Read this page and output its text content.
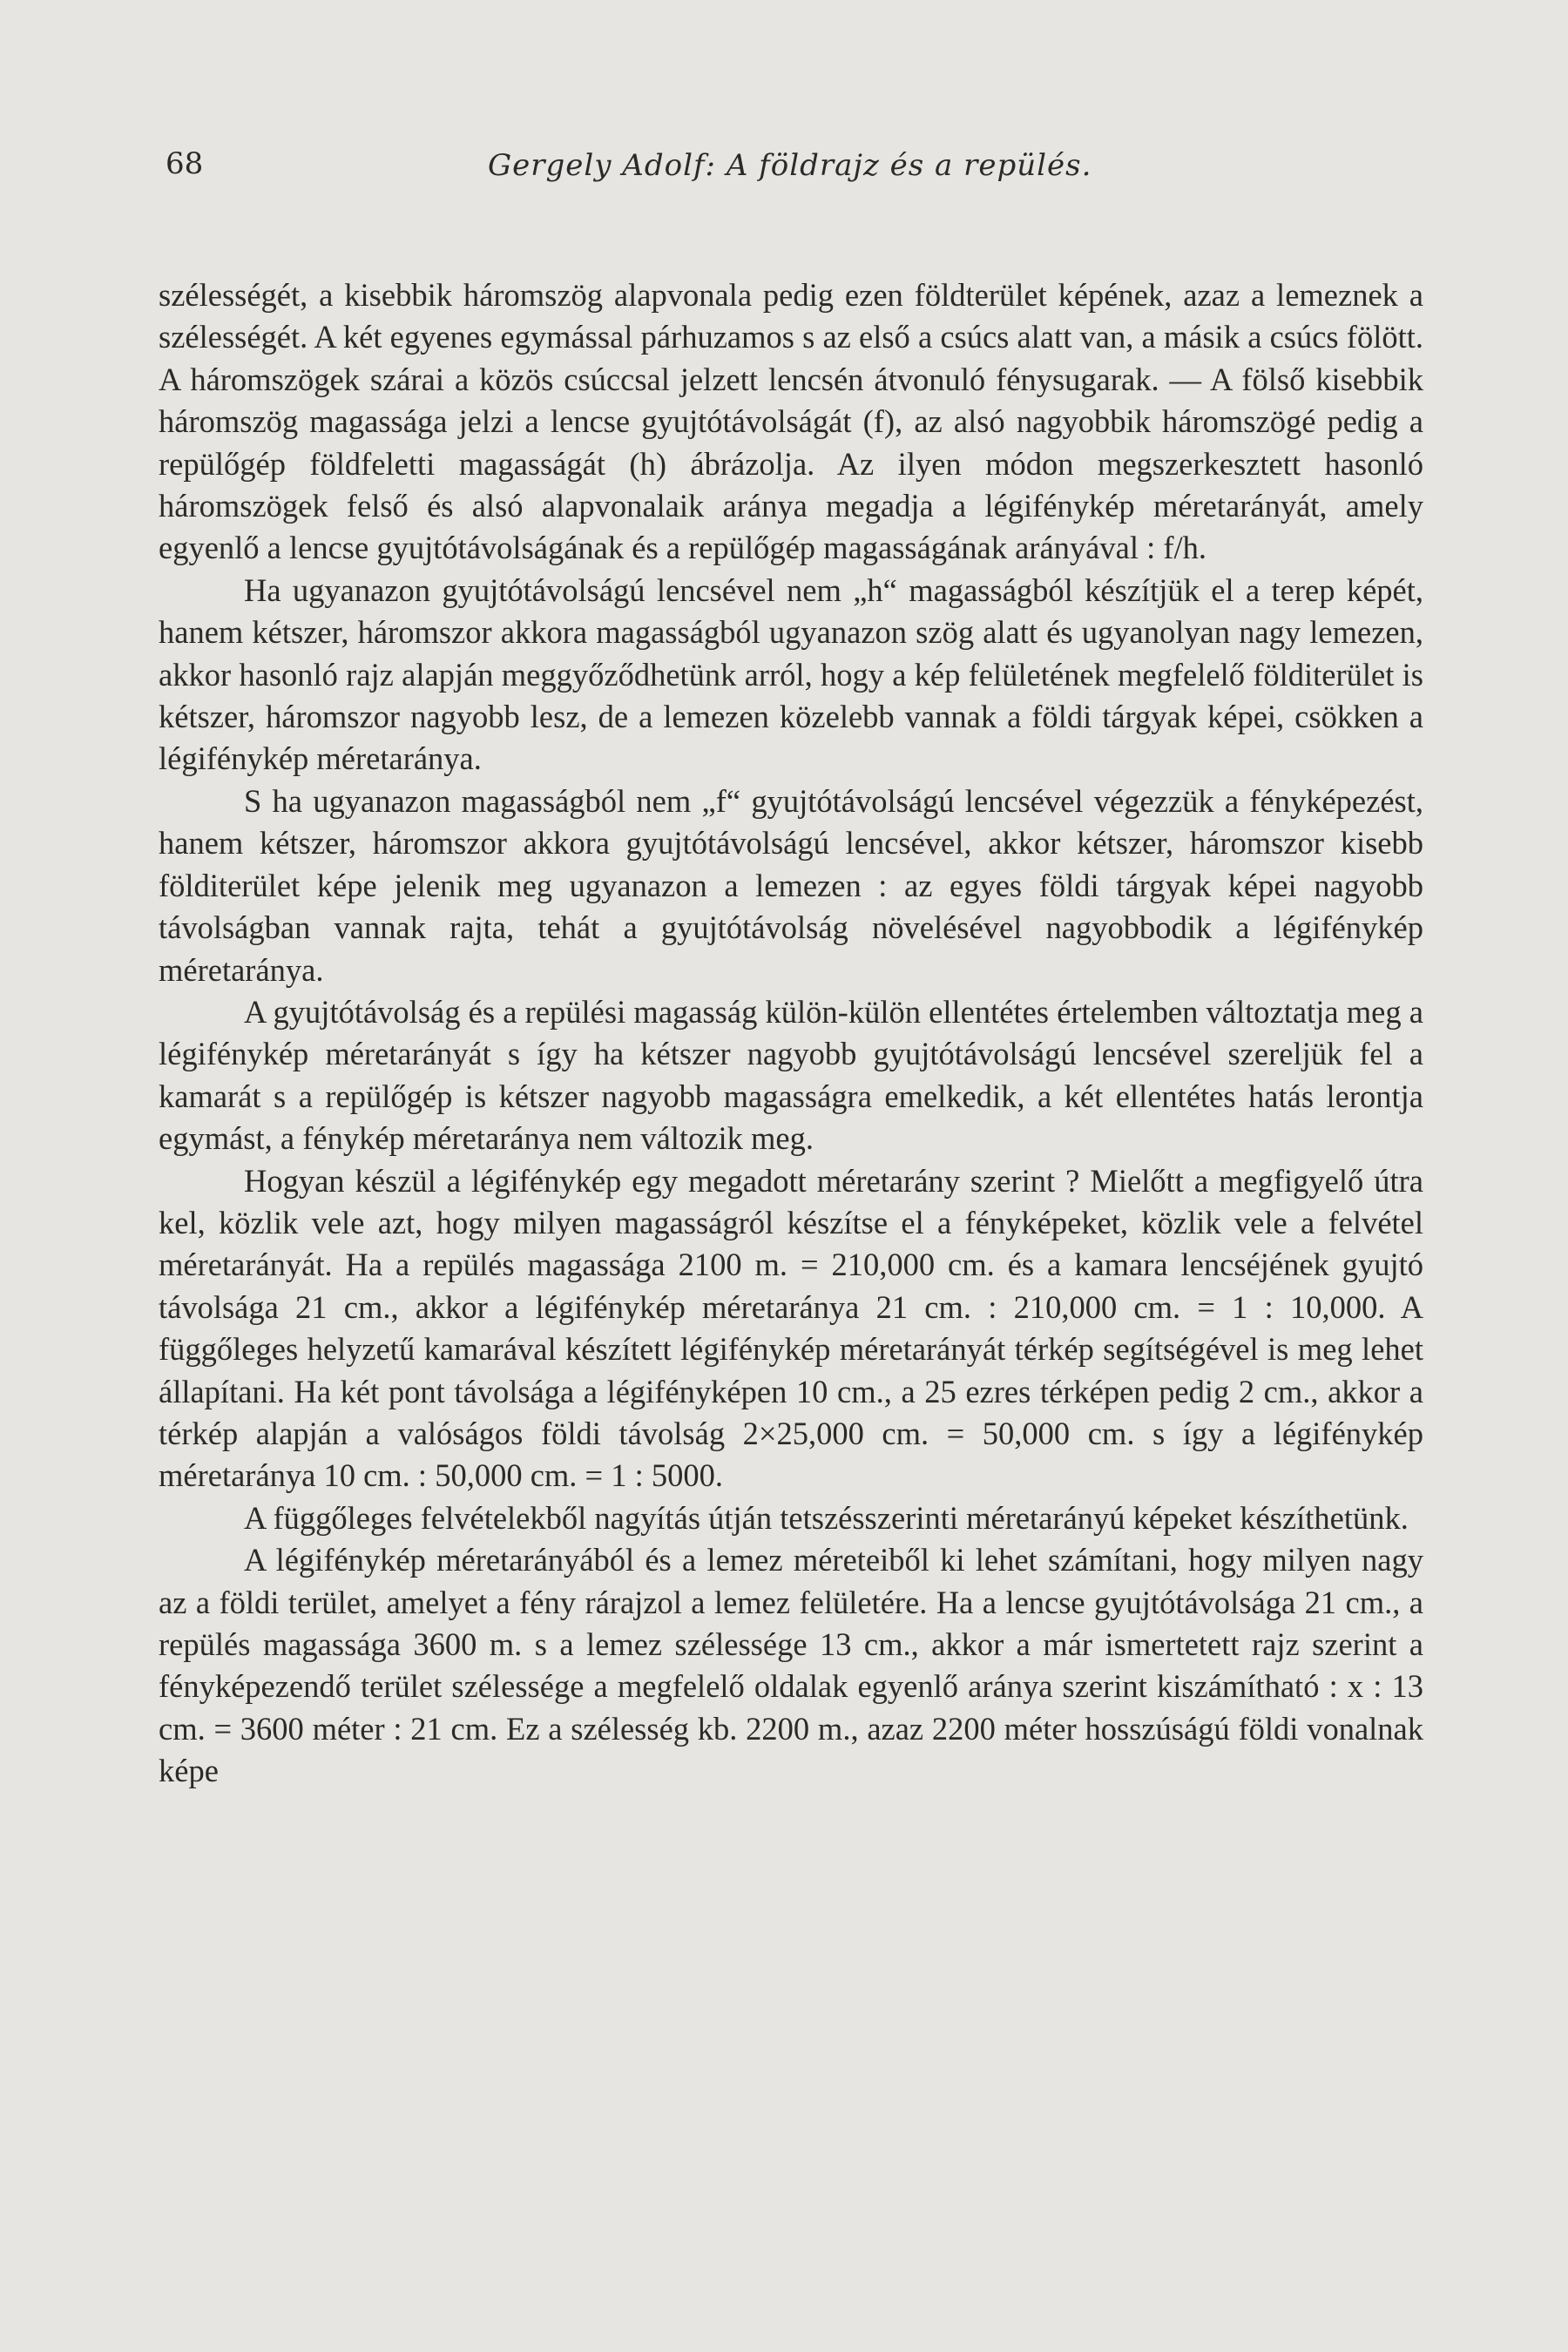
68	Gergely Adolf: A földrajz és a repülés.

szélességét, a kisebbik háromszög alapvonala pedig ezen földterület képének, azaz a lemeznek a szélességét. A két egyenes egymással párhuzamos s az első a csúcs alatt van, a másik a csúcs fölött. A háromszögek szárai a közös csúccsal jelzett lencsén átvonuló fénysugarak. — A fölső kisebbik háromszög magassága jelzi a lencse gyujtótávolságát (f), az alsó nagyobbik háromszögé pedig a repülőgép földfeletti magasságát (h) ábrázolja. Az ilyen módon megszerkesztett hasonló háromszögek felső és alsó alapvonalaik aránya megadja a légifénykép méretarányát, amely egyenlő a lencse gyujtótávolságának és a repülőgép magasságának arányával : f/h.

Ha ugyanazon gyujtótávolságú lencsével nem „h“ magasságból készítjük el a terep képét, hanem kétszer, háromszor akkora magasságból ugyanazon szög alatt és ugyanolyan nagy lemezen, akkor hasonló rajz alapján meggyőződhetünk arról, hogy a kép felületének megfelelő földiterület is kétszer, háromszor nagyobb lesz, de a lemezen közelebb vannak a földi tárgyak képei, csökken a légifénykép méretaránya.

S ha ugyanazon magasságból nem „f“ gyujtótávolságú lencsével végezzük a fényképezést, hanem kétszer, háromszor akkora gyujtótávolságú lencsével, akkor kétszer, háromszor kisebb földiterület képe jelenik meg ugyanazon a lemezen : az egyes földi tárgyak képei nagyobb távolságban vannak rajta, tehát a gyujtótávolság növelésével nagyobbodik a légifénykép méretaránya.

A gyujtótávolság és a repülési magasság külön-külön ellentétes értelemben változtatja meg a légifénykép méretarányát s így ha kétszer nagyobb gyujtótávolságú lencsével szereljük fel a kamarát s a repülőgép is kétszer nagyobb magasságra emelkedik, a két ellentétes hatás lerontja egymást, a fénykép méretaránya nem változik meg.

Hogyan készül a légifénykép egy megadott méretarány szerint ? Mielőtt a megfigyelő útra kel, közlik vele azt, hogy milyen magasságról készítse el a fényképeket, közlik vele a felvétel méretarányát. Ha a repülés magassága 2100 m. = 210,000 cm. és a kamara lencséjének gyujtó távolsága 21 cm., akkor a légifénykép méretaránya 21 cm. : 210,000 cm. = 1 : 10,000. A függőleges helyzetű kamarával készített légifénykép méretarányát térkép segítségével is meg lehet állapítani. Ha két pont távolsága a légifényképen 10 cm., a 25 ezres térképen pedig 2 cm., akkor a térkép alapján a valóságos földi távolság 2×25,000 cm. = 50,000 cm. s így a légifénykép méretaránya 10 cm. : 50,000 cm. = 1 : 5000.

A függőleges felvételekből nagyítás útján tetszésszerinti méretarányú képeket készíthetünk.

A légifénykép méretarányából és a lemez méreteiből ki lehet számítani, hogy milyen nagy az a földi terület, amelyet a fény rárajzol a lemez felületére. Ha a lencse gyujtótávolsága 21 cm., a repülés magassága 3600 m. s a lemez szélessége 13 cm., akkor a már ismertetett rajz szerint a fényképezendő terület szélessége a megfelelő oldalak egyenlő aránya szerint kiszámítható : x : 13 cm. = 3600 méter : 21 cm. Ez a szélesség kb. 2200 m., azaz 2200 méter hosszúságú földi vonalnak képe
